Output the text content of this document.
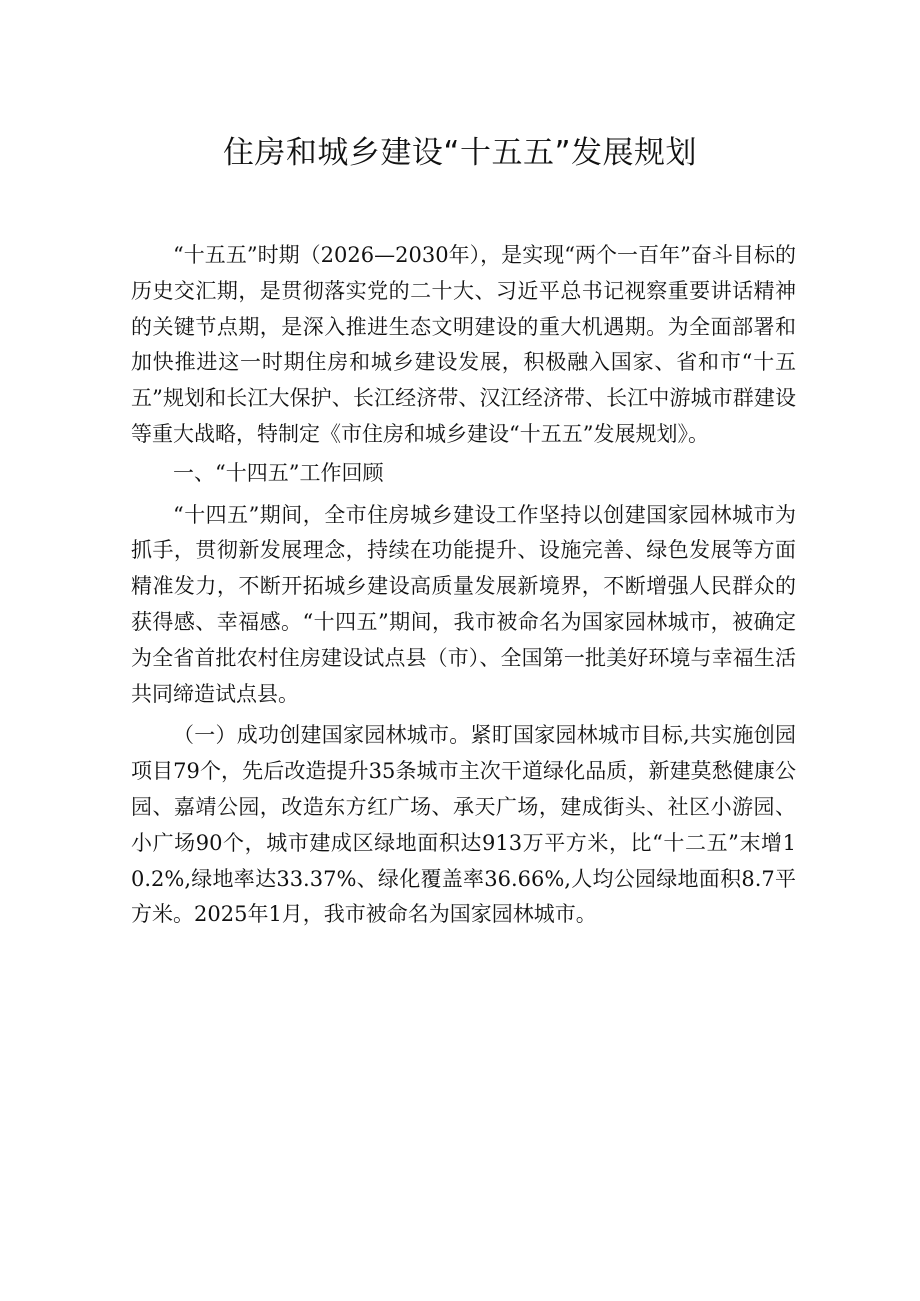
住房和城乡建设“十五五”发展规划

“十五五”时期（2026—2030年），是实现“两个一百年”奋斗目标的历史交汇期，是贯彻落实党的二十大、习近平总书记视察重要讲话精神的关键节点期，是深入推进生态文明建设的重大机遇期。为全面部署和加快推进这一时期住房和城乡建设发展，积极融入国家、省和市“十五五”规划和长江大保护、长江经济带、汉江经济带、长江中游城市群建设等重大战略，特制定《市住房和城乡建设“十五五”发展规划》。

一、“十四五”工作回顾

“十四五”期间，全市住房城乡建设工作坚持以创建国家园林城市为抓手，贯彻新发展理念，持续在功能提升、设施完善、绿色发展等方面精准发力，不断开拓城乡建设高质量发展新境界，不断增强人民群众的获得感、幸福感。“十四五”期间，我市被命名为国家园林城市，被确定为全省首批农村住房建设试点县（市）、全国第一批美好环境与幸福生活共同缔造试点县。

（一）成功创建国家园林城市。紧盯国家园林城市目标,共实施创园项目79个，先后改造提升35条城市主次干道绿化品质，新建莫愁健康公园、嘉靖公园，改造东方红广场、承天广场，建成街头、社区小游园、小广场90个，城市建成区绿地面积达913万平方米，比“十二五”末增10.2%,绿地率达33.37%、绿化覆盖率36.66%,人均公园绿地面积8.7平方米。2025年1月，我市被命名为国家园林城市。
